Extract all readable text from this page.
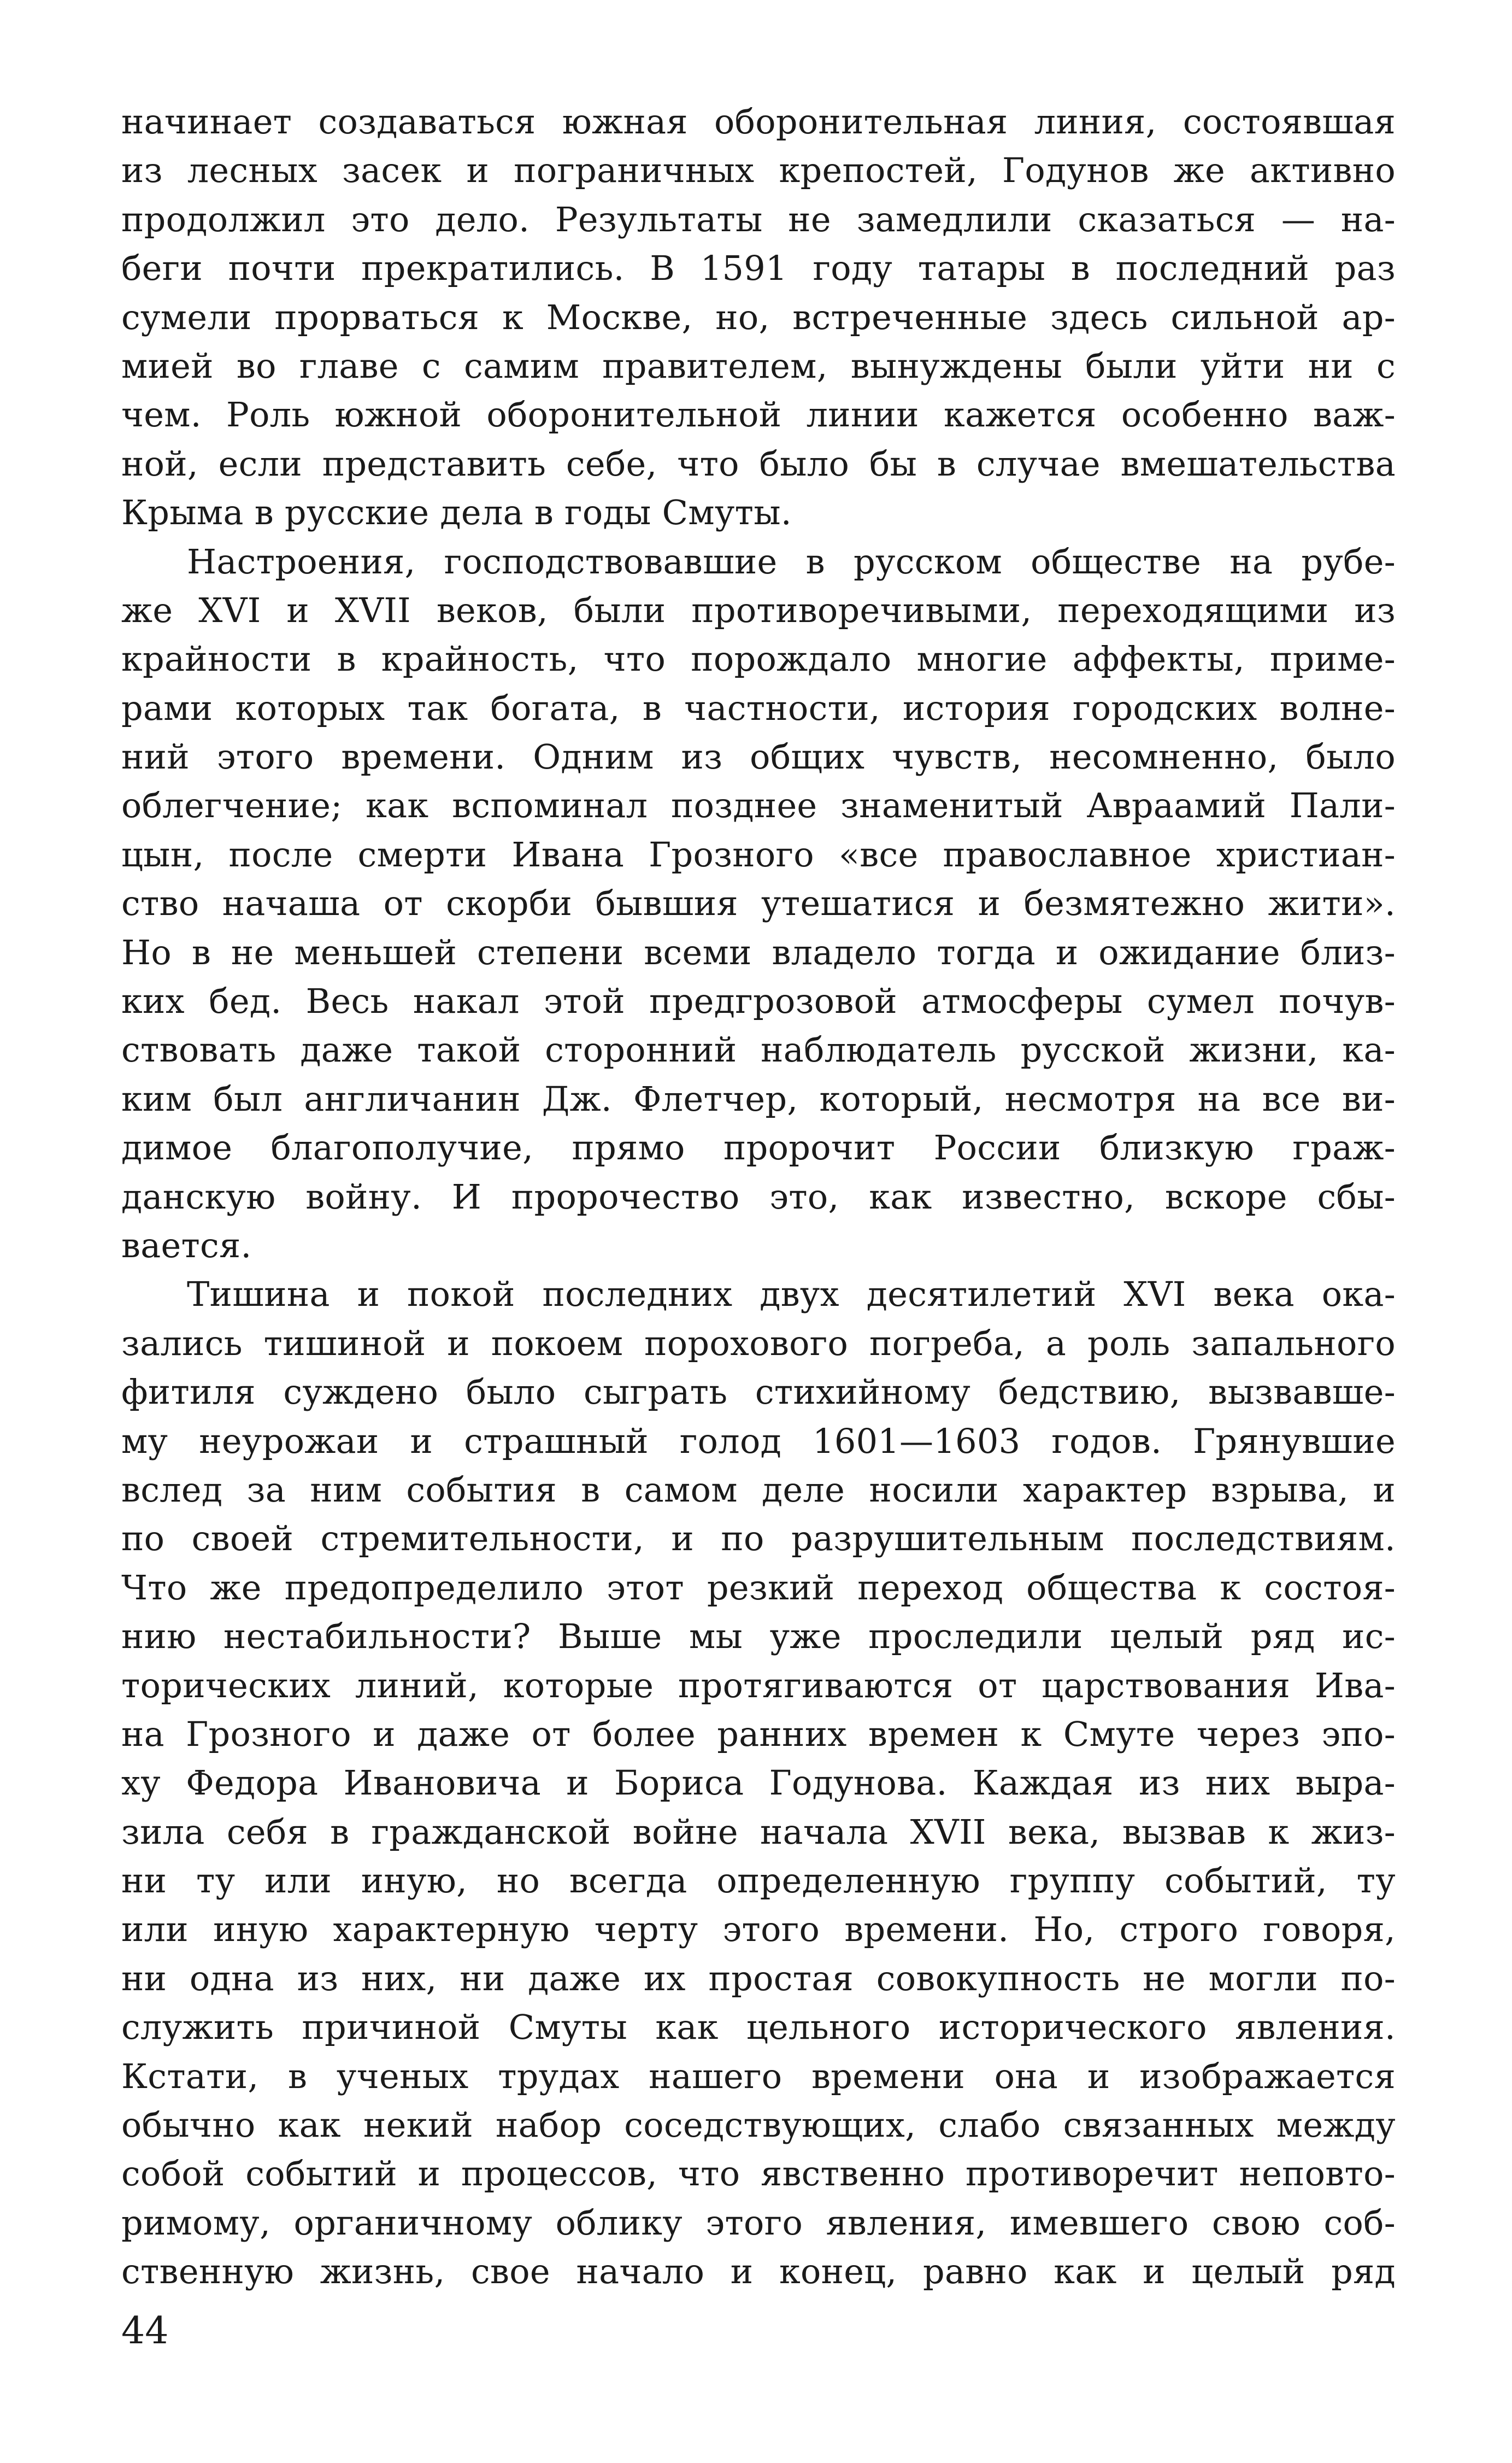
начинает создаваться южная оборонительная линия, состоявшая
из лесных засек и пограничных крепостей, Годунов же активно
продолжил это дело. Результаты не замедлили сказаться — на-
беги почти прекратились. В 1591 году татары в последний раз
сумели прорваться к Москве, но, встреченные здесь сильной ар-
мией во главе с самим правителем, вынуждены были уйти ни с
чем. Роль южной оборонительной линии кажется особенно важ-
ной, если представить себе, что было бы в случае вмешательства
Крыма в русские дела в годы Смуты.
Настроения, господствовавшие в русском обществе на рубе-
же XVI и XVII веков, были противоречивыми, переходящими из
крайности в крайность, что порождало многие аффекты, приме-
рами которых так богата, в частности, история городских волне-
ний этого времени. Одним из общих чувств, несомненно, было
облегчение; как вспоминал позднее знаменитый Авраамий Пали-
цын, после смерти Ивана Грозного «все православное христиан-
ство начаша от скорби бывшия утешатися и безмятежно жити».
Но в не меньшей степени всеми владело тогда и ожидание близ-
ких бед. Весь накал этой предгрозовой атмосферы сумел почув-
ствовать даже такой сторонний наблюдатель русской жизни, ка-
ким был англичанин Дж. Флетчер, который, несмотря на все ви-
димое благополучие, прямо пророчит России близкую граж-
данскую войну. И пророчество это, как известно, вскоре сбы-
вается.
Тишина и покой последних двух десятилетий XVI века ока-
зались тишиной и покоем порохового погреба, а роль запального
фитиля суждено было сыграть стихийному бедствию, вызвавше-
му неурожаи и страшный голод 1601—1603 годов. Грянувшие
вслед за ним события в самом деле носили характер взрыва, и
по своей стремительности, и по разрушительным последствиям.
Что же предопределило этот резкий переход общества к состоя-
нию нестабильности? Выше мы уже проследили целый ряд ис-
торических линий, которые протягиваются от царствования Ива-
на Грозного и даже от более ранних времен к Смуте через эпо-
ху Федора Ивановича и Бориса Годунова. Каждая из них выра-
зила себя в гражданской войне начала XVII века, вызвав к жиз-
ни ту или иную, но всегда определенную группу событий, ту
или иную характерную черту этого времени. Но, строго говоря,
ни одна из них, ни даже их простая совокупность не могли по-
служить причиной Смуты как цельного исторического явления.
Кстати, в ученых трудах нашего времени она и изображается
обычно как некий набор соседствующих, слабо связанных между
собой событий и процессов, что явственно противоречит неповто-
римому, органичному облику этого явления, имевшего свою соб-
ственную жизнь, свое начало и конец, равно как и целый ряд
44
